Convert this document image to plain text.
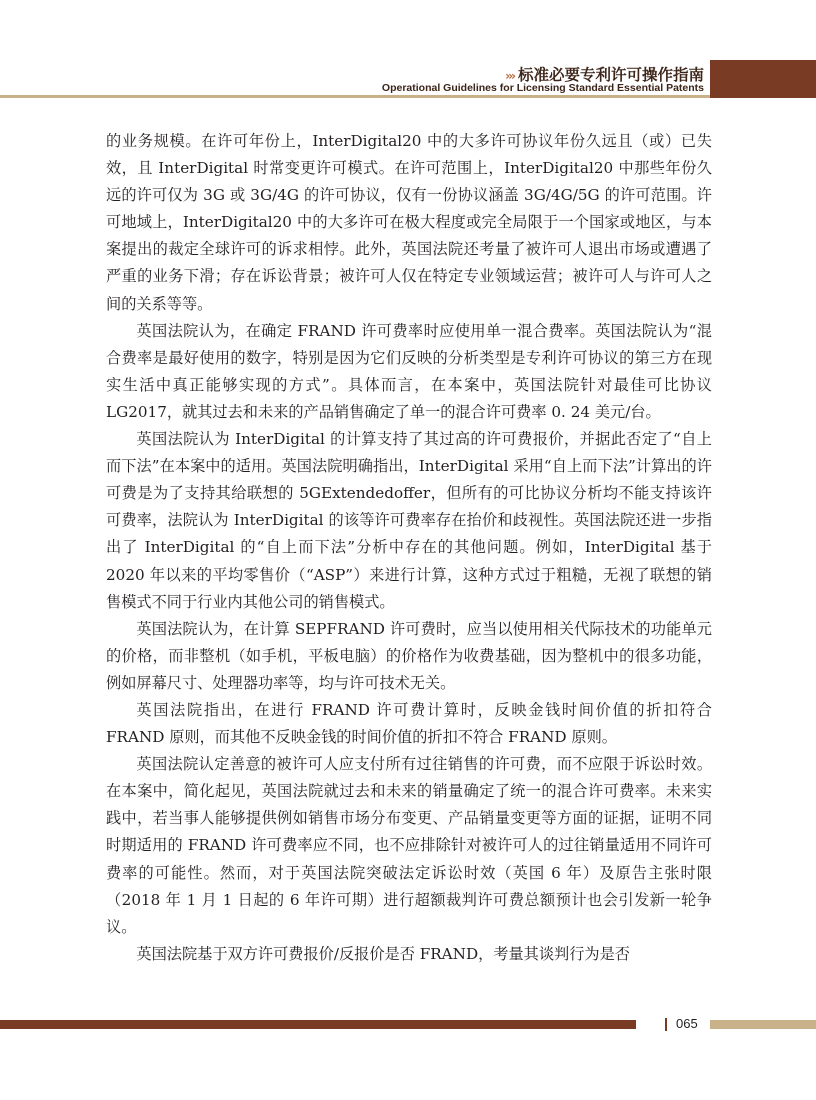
››› 标准必要专利许可操作指南
Operational Guidelines for Licensing Standard Essential Patents

的业务规模。在许可年份上，InterDigital20 中的大多许可协议年份久远且（或）已失效，且 InterDigital 时常变更许可模式。在许可范围上，InterDigital20 中那些年份久远的许可仅为 3G 或 3G/4G 的许可协议，仅有一份协议涵盖 3G/4G/5G 的许可范围。许可地域上，InterDigital20 中的大多许可在极大程度或完全局限于一个国家或地区，与本案提出的裁定全球许可的诉求相悖。此外，英国法院还考量了被许可人退出市场或遭遇了严重的业务下滑；存在诉讼背景；被许可人仅在特定专业领域运营；被许可人与许可人之间的关系等等。

英国法院认为，在确定 FRAND 许可费率时应使用单一混合费率。英国法院认为“混合费率是最好使用的数字，特别是因为它们反映的分析类型是专利许可协议的第三方在现实生活中真正能够实现的方式”。具体而言，在本案中，英国法院针对最佳可比协议 LG2017，就其过去和未来的产品销售确定了单一的混合许可费率 0. 24 美元/台。

英国法院认为 InterDigital 的计算支持了其过高的许可费报价，并据此否定了“自上而下法”在本案中的适用。英国法院明确指出，InterDigital 采用“自上而下法”计算出的许可费是为了支持其给联想的 5GExtendedoffer，但所有的可比协议分析均不能支持该许可费率，法院认为 InterDigital 的该等许可费率存在抬价和歧视性。英国法院还进一步指出了 InterDigital 的“自上而下法”分析中存在的其他问题。例如，InterDigital 基于 2020 年以来的平均零售价（“ASP”）来进行计算，这种方式过于粗糙，无视了联想的销售模式不同于行业内其他公司的销售模式。

英国法院认为，在计算 SEPFRAND 许可费时，应当以使用相关代际技术的功能单元的价格，而非整机（如手机，平板电脑）的价格作为收费基础，因为整机中的很多功能，例如屏幕尺寸、处理器功率等，均与许可技术无关。

英国法院指出，在进行 FRAND 许可费计算时，反映金钱时间价值的折扣符合 FRAND 原则，而其他不反映金钱的时间价值的折扣不符合 FRAND 原则。

英国法院认定善意的被许可人应支付所有过往销售的许可费，而不应限于诉讼时效。在本案中，简化起见，英国法院就过去和未来的销量确定了统一的混合许可费率。未来实践中，若当事人能够提供例如销售市场分布变更、产品销量变更等方面的证据，证明不同时期适用的 FRAND 许可费率应不同，也不应排除针对被许可人的过往销量适用不同许可费率的可能性。然而，对于英国法院突破法定诉讼时效（英国 6 年）及原告主张时限（2018 年 1 月 1 日起的 6 年许可期）进行超额裁判许可费总额预计也会引发新一轮争议。

英国法院基于双方许可费报价/反报价是否 FRAND，考量其谈判行为是否

065
